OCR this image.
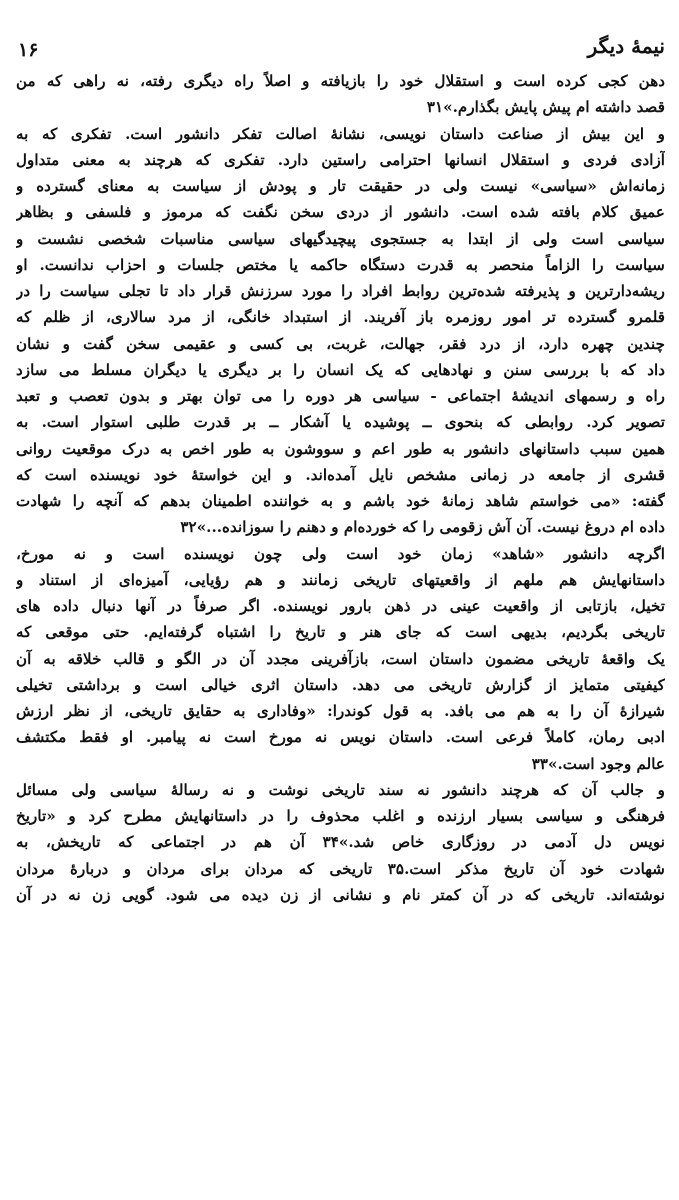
نیمهٔ دیگر
۱۶
دهن کجی کرده است و استقلال خود را بازیافته و اصلاً راه دیگری رفته، نه راهی که من
قصد داشته ام پیش پایش بگذارم.»۳۱
و این بیش از صناعت داستان نویسی، نشانهٔ اصالت تفکر دانشور است. تفکری که به
آزادی فردی و استقلال انسانها احترامی راستین دارد. تفکری که هرچند به معنی متداول
زمانه‌اش «سیاسی» نیست ولی در حقیقت تار و پودش از سیاست به معنای گسترده و
عمیق کلام بافته شده است. دانشور از دردی سخن نگفت که مرموز و فلسفی و بظاهر
سیاسی است ولی از ابتدا به جستجوی پیچیدگیهای سیاسی مناسبات شخصی نشست و
سیاست را الزاماً منحصر به قدرت دستگاه حاکمه یا مختص جلسات و احزاب ندانست. او
ریشه‌دارترین و پذیرفته شده‌ترین روابط افراد را مورد سرزنش قرار داد تا تجلی سیاست را در
قلمرو گسترده تر امور روزمره باز آفریند. از استبداد خانگی، از مرد سالاری، از ظلم که
چندین چهره دارد، از درد فقر، جهالت، غربت، بی کسی و عقیمی سخن گفت و نشان
داد که با بررسی سنن و نهادهایی که یک انسان را بر دیگری یا دیگران مسلط می سازد
راه و رسمهای اندیشهٔ اجتماعی - سیاسی هر دوره را می توان بهتر و بدون تعصب و تعبد
تصویر کرد. روابطی که بنحوی ــ پوشیده یا آشکار ــ بر قدرت طلبی استوار است. به
همین سبب داستانهای دانشور به طور اعم و سووشون به طور اخص به درک موقعیت روانی
قشری از جامعه در زمانی مشخص نایل آمده‌اند. و این خواستهٔ خود نویسنده است که
گفته: «می خواستم شاهد زمانهٔ خود باشم و به خواننده اطمینان بدهم که آنچه را شهادت
داده ام دروغ نیست. آن آش زقومی را که خورده‌ام و دهنم را سوزانده...»۳۲
اگرچه دانشور «شاهد» زمان خود است ولی چون نویسنده است و نه مورخ،
داستانهایش هم ملهم از واقعیتهای تاریخی زمانند و هم رؤیایی، آمیزه‌ای از استناد و
تخیل، بازتابی از واقعیت عینی در ذهن بارور نویسنده. اگر صرفاً در آنها دنبال داده های
تاریخی بگردیم، بدیهی است که جای هنر و تاریخ را اشتباه گرفته‌ایم. حتی موقعی که
یک واقعهٔ تاریخی مضمون داستان است، بازآفرینی مجدد آن در الگو و قالب خلاقه به آن
کیفیتی متمایز از گزارش تاریخی می دهد. داستان اثری خیالی است و برداشتی تخیلی
شیرازهٔ آن را به هم می بافد. به قول کوندرا: «وفاداری به حقایق تاریخی، از نظر ارزش
ادبی رمان، کاملاً فرعی است. داستان نویس نه مورخ است نه پیامبر. او فقط مکتشف
عالم وجود است.»۳۳
و جالب آن که هرچند دانشور نه سند تاریخی نوشت و نه رسالهٔ سیاسی ولی مسائل
فرهنگی و سیاسی بسیار ارزنده و اغلب محذوف را در داستانهایش مطرح کرد و «تاریخ
نویس دل آدمی در روزگاری خاص شد.»۳۴ آن هم در اجتماعی که تاریخش، به
شهادت خود آن تاریخ مذکر است.۳۵ تاریخی که مردان برای مردان و دربارهٔ مردان
نوشته‌اند. تاریخی که در آن کمتر نام و نشانی از زن دیده می شود. گویی زن نه در آن
